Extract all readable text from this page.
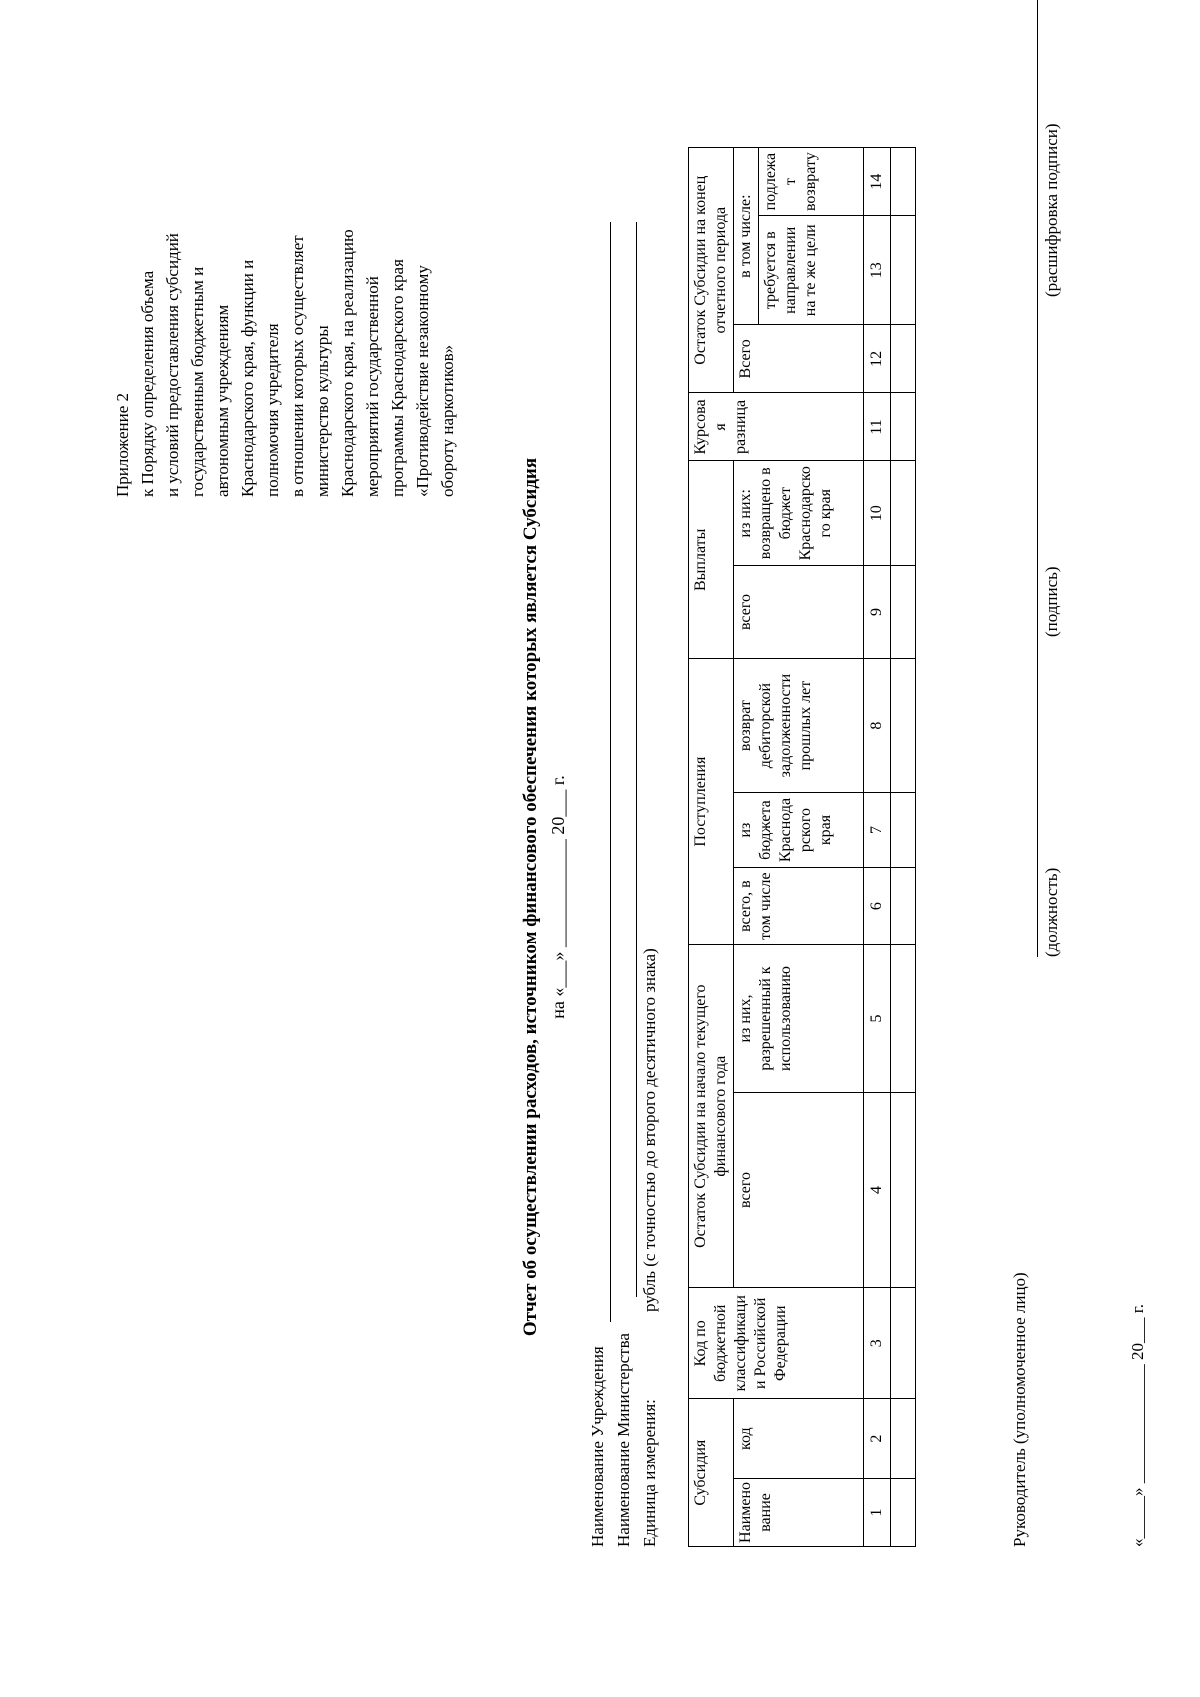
Приложение 2 к Порядку определения объема и условий предоставления субсидий государственным бюджетным и автономным учреждениям Краснодарского края, функции и полномочия учредителя в отношении которых осуществляет министерство культуры Краснодарского края, на реализацию мероприятий государственной программы Краснодарского края «Противодействие незаконному обороту наркотиков»
Отчет об осуществлении расходов, источником финансового обеспечения которых является Субсидия на «___» ____________ 20___ г.
Наименование Учреждения Наименование Министерства Единица измерения:
рубль (с точностью до второго десятичного знака)
Субсидия		Код по бюджетной классификации Российской Федерации	Остаток Субсидии на начало текущего финансового года		Поступления			Выплаты		Курсовая разница	Остаток Субсидии на конец отчетного периода		
Наименование	код		всего	из них, разрешенный к использованию	всего, в том числе	из бюджета Краснодарского края	возврат дебиторской задолженности прошлых лет	всего	из них: возвращено в бюджет Краснодарского края		Всего	в том числе:	
												требуется в направлении на те же цели	подлежат возврату
1	2	3	4	5	6	7	8	9	10	11	12	13	14

Руководитель (уполномоченное лицо)
(должность)
(подпись)
(расшифровка подписи)
«_____» ______________ 20___ г.
